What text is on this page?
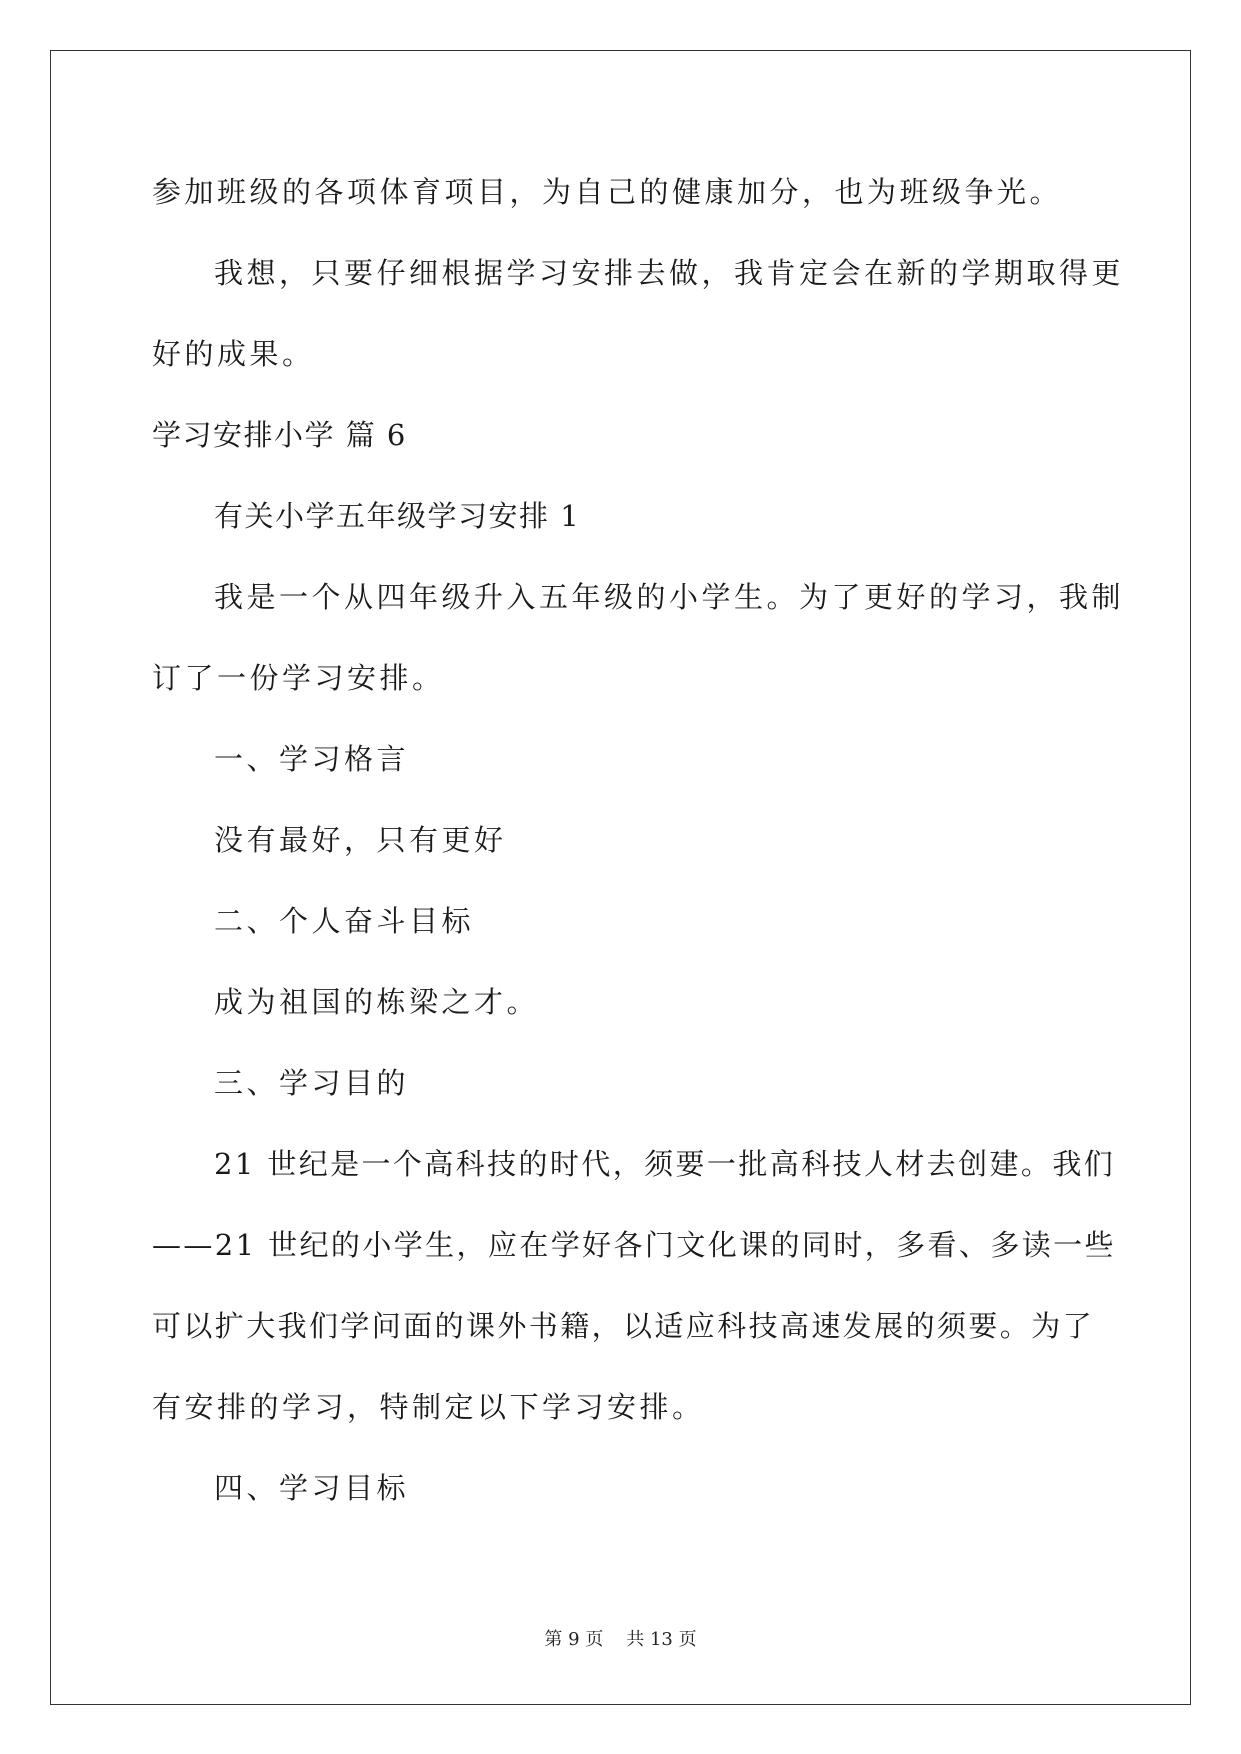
参加班级的各项体育项目，为自己的健康加分，也为班级争光。
我想，只要仔细根据学习安排去做，我肯定会在新的学期取得更
好的成果。
学习安排小学 篇 6
有关小学五年级学习安排 1
我是一个从四年级升入五年级的小学生。为了更好的学习，我制
订了一份学习安排。
一、学习格言
没有最好，只有更好
二、个人奋斗目标
成为祖国的栋梁之才。
三、学习目的
21 世纪是一个高科技的时代，须要一批高科技人材去创建。我们
——21 世纪的小学生，应在学好各门文化课的同时，多看、多读一些
可以扩大我们学问面的课外书籍，以适应科技高速发展的须要。为了
有安排的学习，特制定以下学习安排。
四、学习目标
第 9 页 共 13 页
